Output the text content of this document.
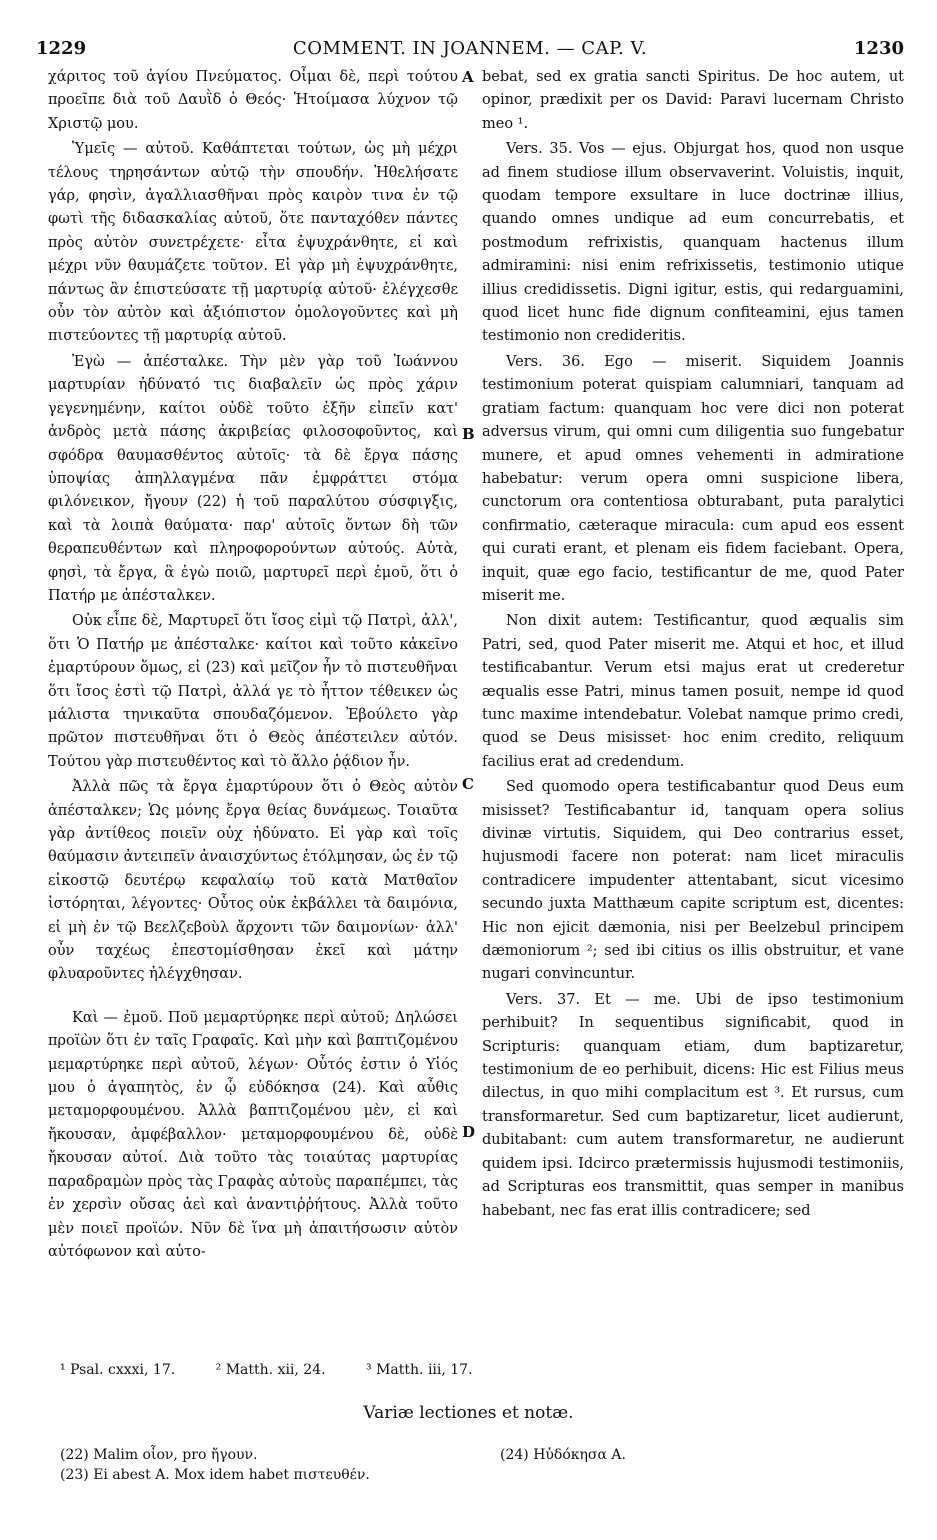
1229	COMMENT. IN JOANNEM. — CAP. V.	1230
A
B
C
D

χάριτος τοῦ ἁγίου Πνεύματος. Οἶμαι δὲ, περὶ τούτου προεῖπε διὰ τοῦ Δαυῒδ ὁ Θεός· Ἡτοίμασα λύχνον τῷ Χριστῷ μου.

Ὑμεῖς — αὐτοῦ. Καθάπτεται τούτων, ὡς μὴ μέχρι τέλους τηρησάντων αὐτῷ τὴν σπουδήν. Ἠθελήσατε γάρ, φησὶν, ἀγαλλιασθῆναι πρὸς καιρὸν τινα ἐν τῷ φωτὶ τῆς διδασκαλίας αὐτοῦ, ὅτε πανταχόθεν πάντες πρὸς αὐτὸν συνετρέχετε· εἶτα ἐψυχράνθητε, εἰ καὶ μέχρι νῦν θαυμάζετε τοῦτον. Εἰ γὰρ μὴ ἐψυχράνθητε, πάντως ἂν ἐπιστεύσατε τῇ μαρτυρίᾳ αὐτοῦ· ἐλέγχεσθε οὖν τὸν αὐτὸν καὶ ἀξιόπιστον ὁμολογοῦντες καὶ μὴ πιστεύοντες τῇ μαρτυρίᾳ αὐτοῦ.

Ἐγὼ — ἀπέσταλκε. Τὴν μὲν γὰρ τοῦ Ἰωάννου μαρτυρίαν ἠδύνατό τις διαβαλεῖν ὡς πρὸς χάριν γεγενημένην, καίτοι οὐδὲ τοῦτο ἐξῆν εἰπεῖν κατ' ἀνδρὸς μετὰ πάσης ἀκριβείας φιλοσοφοῦντος, καὶ σφόδρα θαυμασθέντος αὐτοῖς· τὰ δὲ ἔργα πάσης ὑποψίας ἀπηλλαγμένα πᾶν ἐμφράττει στόμα φιλόνεικον, ἤγουν (22) ἡ τοῦ παραλύτου σύσφιγξις, καὶ τὰ λοιπὰ θαύματα· παρ' αὐτοῖς ὄντων δὴ τῶν θεραπευθέντων καὶ πληροφορούντων αὐτούς. Αὐτὰ, φησὶ, τὰ ἔργα, ἃ ἐγὼ ποιῶ, μαρτυρεῖ περὶ ἐμοῦ, ὅτι ὁ Πατήρ με ἀπέσταλκεν.

Οὐκ εἶπε δὲ, Μαρτυρεῖ ὅτι ἴσος εἰμὶ τῷ Πατρὶ, ἀλλ', ὅτι Ὁ Πατήρ με ἀπέσταλκε· καίτοι καὶ τοῦτο κἀκεῖνο ἐμαρτύρουν ὅμως, εἰ (23) καὶ μεῖζον ἦν τὸ πιστευθῆναι ὅτι ἴσος ἐστὶ τῷ Πατρὶ, ἀλλά γε τὸ ἧττον τέθεικεν ὡς μάλιστα τηνικαῦτα σπουδαζόμενον. Ἐβούλετο γὰρ πρῶτον πιστευθῆναι ὅτι ὁ Θεὸς ἀπέστειλεν αὐτόν. Τούτου γὰρ πιστευθέντος καὶ τὸ ἄλλο ῥᾴδιον ἦν.

Ἀλλὰ πῶς τὰ ἔργα ἐμαρτύρουν ὅτι ὁ Θεὸς αὐτὸν ἀπέσταλκεν; Ὡς μόνης ἔργα θείας δυνάμεως. Τοιαῦτα γὰρ ἀντίθεος ποιεῖν οὐχ ἠδύνατο. Εἰ γὰρ καὶ τοῖς θαύμασιν ἀντειπεῖν ἀναισχύντως ἐτόλμησαν, ὡς ἐν τῷ εἰκοστῷ δευτέρῳ κεφαλαίῳ τοῦ κατὰ Ματθαῖον ἱστόρηται, λέγοντες· Οὗτος οὐκ ἐκβάλλει τὰ δαιμόνια, εἰ μὴ ἐν τῷ Βεελζεβοὺλ ἄρχοντι τῶν δαιμονίων· ἀλλ' οὖν ταχέως ἐπεστομίσθησαν ἐκεῖ καὶ μάτην φλυαροῦντες ἠλέγχθησαν.

Καὶ — ἐμοῦ. Ποῦ μεμαρτύρηκε περὶ αὐτοῦ; Δηλώσει προϊὼν ὅτι ἐν ταῖς Γραφαῖς. Καὶ μὴν καὶ βαπτιζομένου μεμαρτύρηκε περὶ αὐτοῦ, λέγων· Οὗτός ἐστιν ὁ Υἱός μου ὁ ἀγαπητὸς, ἐν ᾧ εὐδόκησα (24). Καὶ αὖθις μεταμορφουμένου. Ἀλλὰ βαπτιζομένου μὲν, εἰ καὶ ἤκουσαν, ἀμφέβαλλον· μεταμορφουμένου δὲ, οὐδὲ ἤκουσαν αὐτοί. Διὰ τοῦτο τὰς τοιαύτας μαρτυρίας παραδραμὼν πρὸς τὰς Γραφὰς αὐτοὺς παραπέμπει, τὰς ἐν χερσὶν οὔσας ἀεὶ καὶ ἀναντιῤῥήτους. Ἀλλὰ τοῦτο μὲν ποιεῖ προϊών. Νῦν δὲ ἵνα μὴ ἀπαιτήσωσιν αὐτὸν αὐτόφωνον καὶ αὐτο-

bebat, sed ex gratia sancti Spiritus. De hoc autem, ut opinor, prædixit per os David: Paravi lucernam Christo meo ¹.

Vers. 35. Vos — ejus. Objurgat hos, quod non usque ad finem studiose illum observaverint. Voluistis, inquit, quodam tempore exsultare in luce doctrinæ illius, quando omnes undique ad eum concurrebatis, et postmodum refrixistis, quanquam hactenus illum admiramini: nisi enim refrixissetis, testimonio utique illius credidissetis. Digni igitur, estis, qui redarguamini, quod licet hunc fide dignum confiteamini, ejus tamen testimonio non credideritis.

Vers. 36. Ego — miserit. Siquidem Joannis testimonium poterat quispiam calumniari, tanquam ad gratiam factum: quanquam hoc vere dici non poterat adversus virum, qui omni cum diligentia suo fungebatur munere, et apud omnes vehementi in admiratione habebatur: verum opera omni suspicione libera, cunctorum ora contentiosa obturabant, puta paralytici confirmatio, cæteraque miracula: cum apud eos essent qui curati erant, et plenam eis fidem faciebant. Opera, inquit, quæ ego facio, testificantur de me, quod Pater miserit me.

Non dixit autem: Testificantur, quod æqualis sim Patri, sed, quod Pater miserit me. Atqui et hoc, et illud testificabantur. Verum etsi majus erat ut crederetur æqualis esse Patri, minus tamen posuit, nempe id quod tunc maxime intendebatur. Volebat namque primo credi, quod se Deus misisset· hoc enim credito, reliquum facilius erat ad credendum.

Sed quomodo opera testificabantur quod Deus eum misisset? Testificabantur id, tanquam opera solius divinæ virtutis. Siquidem, qui Deo contrarius esset, hujusmodi facere non poterat: nam licet miraculis contradicere impudenter attentabant, sicut vicesimo secundo juxta Matthæum capite scriptum est, dicentes: Hic non ejicit dæmonia, nisi per Beelzebul principem dæmoniorum ²; sed ibi citius os illis obstruitur, et vane nugari convincuntur.

Vers. 37. Et — me. Ubi de ipso testimonium perhibuit? In sequentibus significabit, quod in Scripturis: quanquam etiam, dum baptizaretur, testimonium de eo perhibuit, dicens: Hic est Filius meus dilectus, in quo mihi complacitum est ³. Et rursus, cum transformaretur. Sed cum baptizaretur, licet audierunt, dubitabant: cum autem transformaretur, ne audierunt quidem ipsi. Idcirco prætermissis hujusmodi testimoniis, ad Scripturas eos transmittit, quas semper in manibus habebant, nec fas erat illis contradicere; sed

¹ Psal. cxxxi, 17.	² Matth. xii, 24.	³ Matth. iii, 17.
Variæ lectiones et notæ.
(22) Malim οἷον, pro ἤγουν.
(23) Ei abest A. Mox idem habet πιστευθέν.
(24) Ηὐδόκησα A.
